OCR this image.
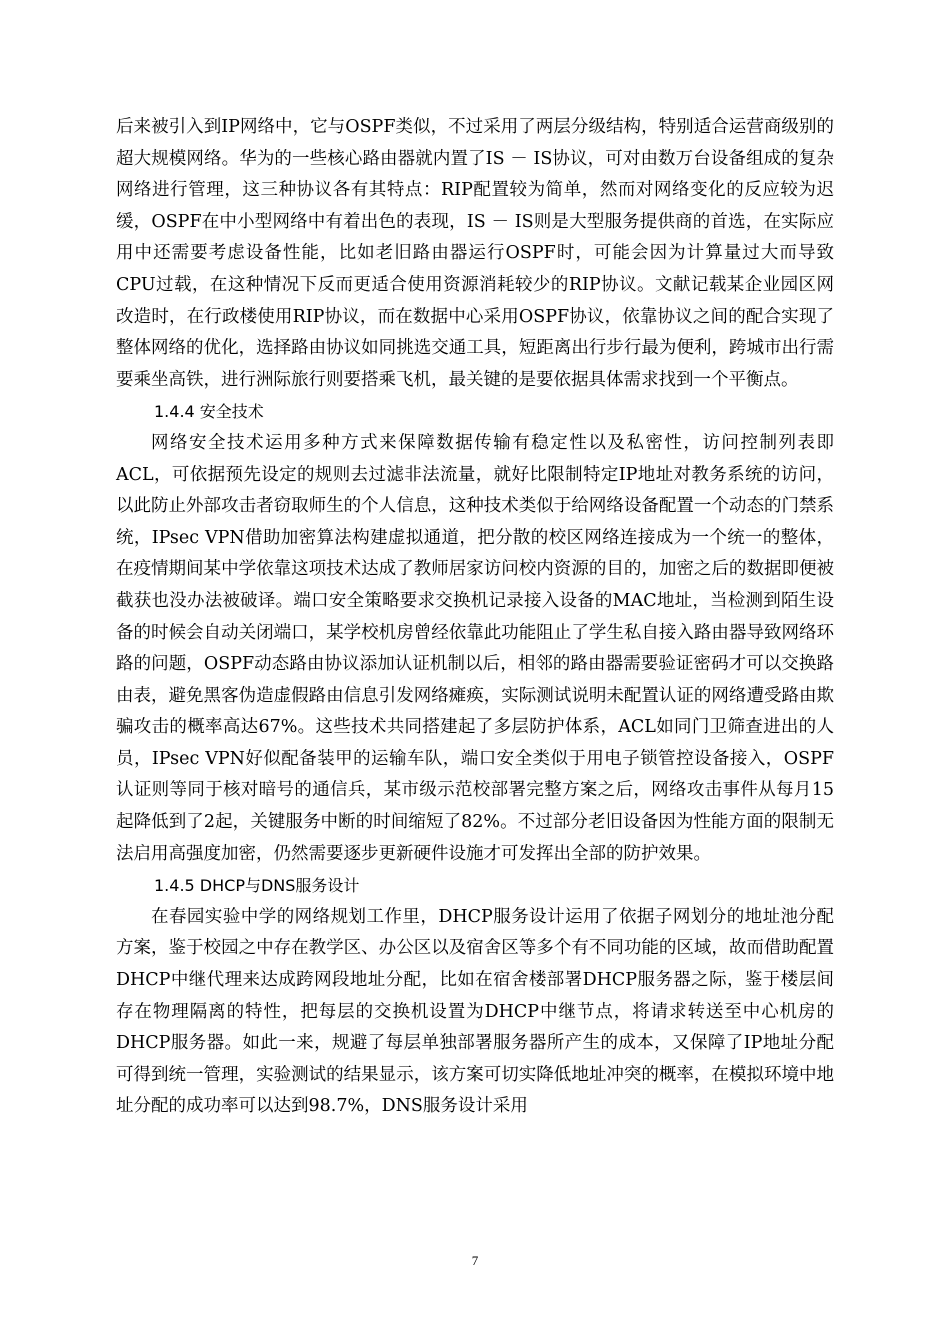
后来被引入到IP网络中，它与OSPF类似，不过采用了两层分级结构，特别适合运营商级别的超大规模网络。华为的一些核心路由器就内置了IS － IS协议，可对由数万台设备组成的复杂网络进行管理，这三种协议各有其特点：RIP配置较为简单，然而对网络变化的反应较为迟缓，OSPF在中小型网络中有着出色的表现，IS － IS则是大型服务提供商的首选，在实际应用中还需要考虑设备性能，比如老旧路由器运行OSPF时，可能会因为计算量过大而导致CPU过载，在这种情况下反而更适合使用资源消耗较少的RIP协议。文献记载某企业园区网改造时，在行政楼使用RIP协议，而在数据中心采用OSPF协议，依靠协议之间的配合实现了整体网络的优化，选择路由协议如同挑选交通工具，短距离出行步行最为便利，跨城市出行需要乘坐高铁，进行洲际旅行则要搭乘飞机，最关键的是要依据具体需求找到一个平衡点。

1.4.4 安全技术

网络安全技术运用多种方式来保障数据传输有稳定性以及私密性，访问控制列表即ACL，可依据预先设定的规则去过滤非法流量，就好比限制特定IP地址对教务系统的访问，以此防止外部攻击者窃取师生的个人信息，这种技术类似于给网络设备配置一个动态的门禁系统，IPsec VPN借助加密算法构建虚拟通道，把分散的校区网络连接成为一个统一的整体，在疫情期间某中学依靠这项技术达成了教师居家访问校内资源的目的，加密之后的数据即便被截获也没办法被破译。端口安全策略要求交换机记录接入设备的MAC地址，当检测到陌生设备的时候会自动关闭端口，某学校机房曾经依靠此功能阻止了学生私自接入路由器导致网络环路的问题，OSPF动态路由协议添加认证机制以后，相邻的路由器需要验证密码才可以交换路由表，避免黑客伪造虚假路由信息引发网络瘫痪，实际测试说明未配置认证的网络遭受路由欺骗攻击的概率高达67%。这些技术共同搭建起了多层防护体系，ACL如同门卫筛查进出的人员，IPsec VPN好似配备装甲的运输车队，端口安全类似于用电子锁管控设备接入，OSPF认证则等同于核对暗号的通信兵，某市级示范校部署完整方案之后，网络攻击事件从每月15起降低到了2起，关键服务中断的时间缩短了82%。不过部分老旧设备因为性能方面的限制无法启用高强度加密，仍然需要逐步更新硬件设施才可发挥出全部的防护效果。

1.4.5 DHCP与DNS服务设计

在春园实验中学的网络规划工作里，DHCP服务设计运用了依据子网划分的地址池分配方案，鉴于校园之中存在教学区、办公区以及宿舍区等多个有不同功能的区域，故而借助配置DHCP中继代理来达成跨网段地址分配，比如在宿舍楼部署DHCP服务器之际，鉴于楼层间存在物理隔离的特性，把每层的交换机设置为DHCP中继节点，将请求转送至中心机房的DHCP服务器。如此一来，规避了每层单独部署服务器所产生的成本，又保障了IP地址分配可得到统一管理，实验测试的结果显示，该方案可切实降低地址冲突的概率，在模拟环境中地址分配的成功率可以达到98.7%，DNS服务设计采用

7
